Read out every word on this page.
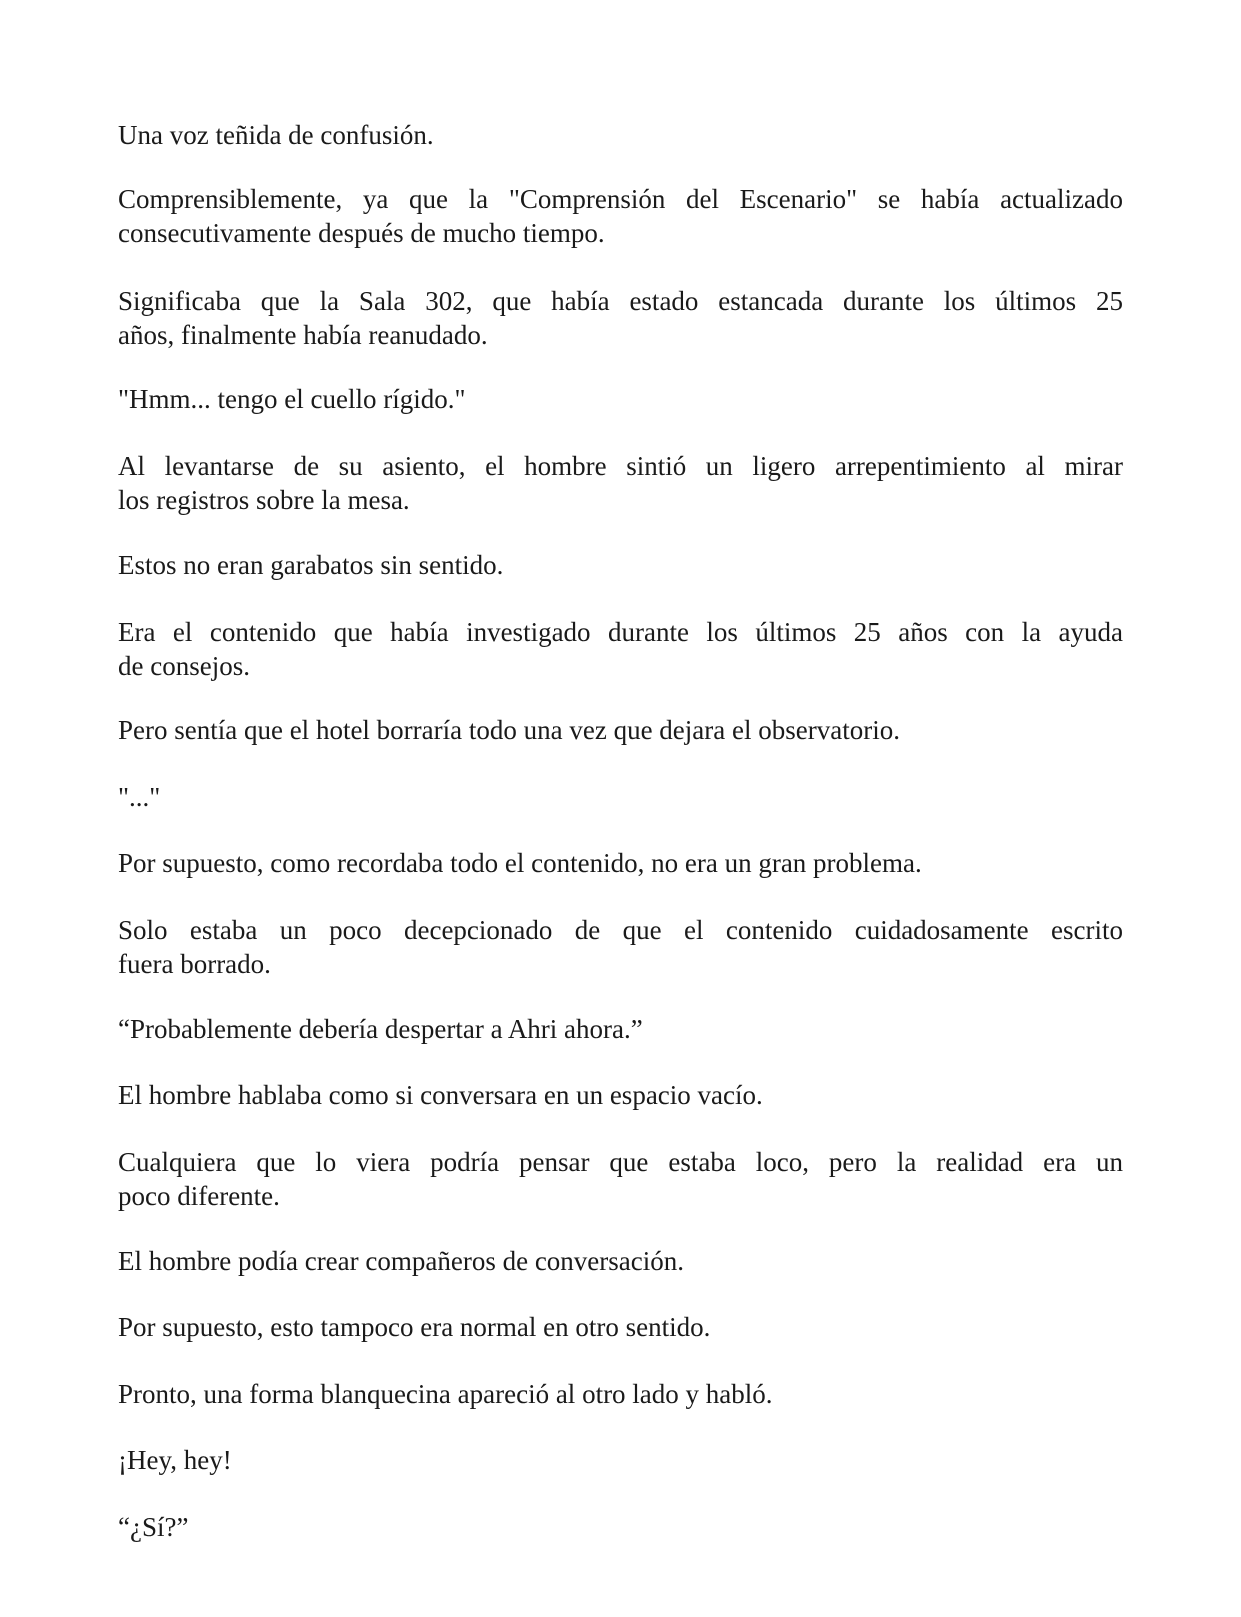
Una voz teñida de confusión.

Comprensiblemente, ya que la "Comprensión del Escenario" se había actualizado
consecutivamente después de mucho tiempo.

Significaba que la Sala 302, que había estado estancada durante los últimos 25
años, finalmente había reanudado.

"Hmm... tengo el cuello rígido."

Al levantarse de su asiento, el hombre sintió un ligero arrepentimiento al mirar
los registros sobre la mesa.

Estos no eran garabatos sin sentido.

Era el contenido que había investigado durante los últimos 25 años con la ayuda
de consejos.

Pero sentía que el hotel borraría todo una vez que dejara el observatorio.

"..."

Por supuesto, como recordaba todo el contenido, no era un gran problema.

Solo estaba un poco decepcionado de que el contenido cuidadosamente escrito
fuera borrado.

“Probablemente debería despertar a Ahri ahora.”

El hombre hablaba como si conversara en un espacio vacío.

Cualquiera que lo viera podría pensar que estaba loco, pero la realidad era un
poco diferente.

El hombre podía crear compañeros de conversación.

Por supuesto, esto tampoco era normal en otro sentido.

Pronto, una forma blanquecina apareció al otro lado y habló.

¡Hey, hey!

“¿Sí?”
